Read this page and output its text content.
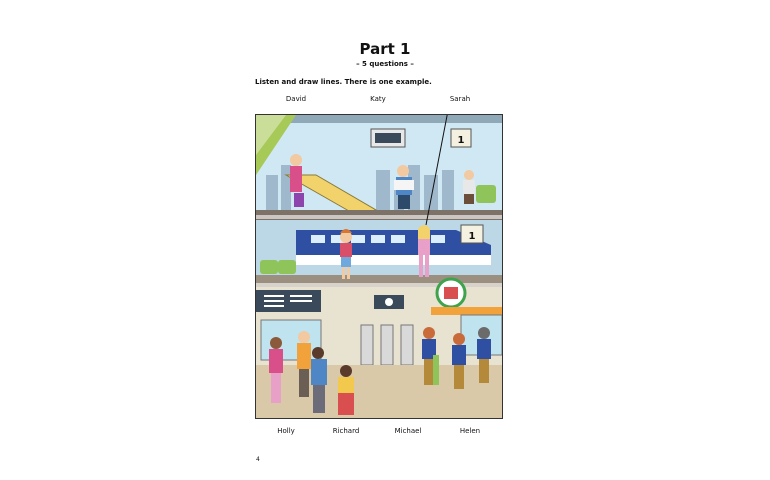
Part 1
– 5 questions –
Listen and draw lines. There is one example.
David	Katy	Sarah
1
1
Holly	Richard	Michael	Helen
4
